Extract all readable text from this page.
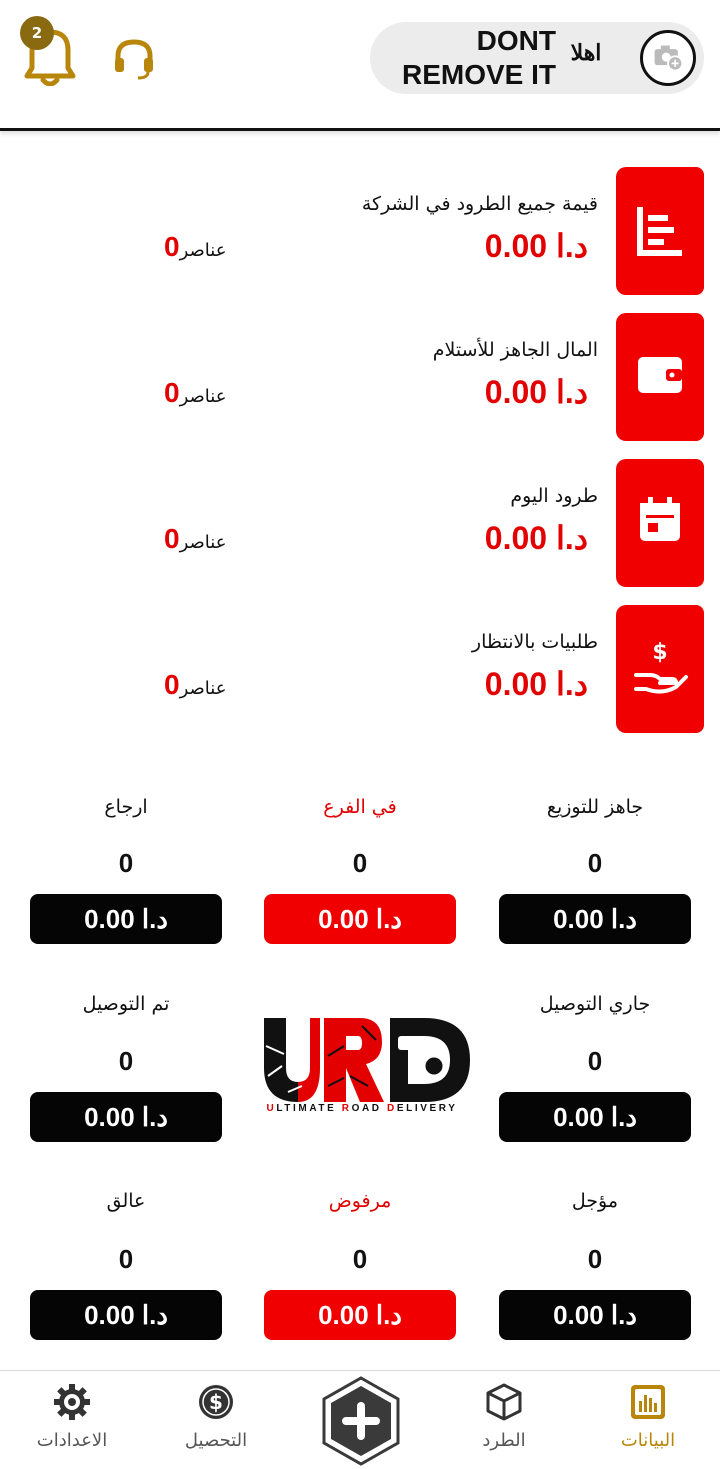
2	DONT REMOVE IT
اهلا
قيمة جميع الطرود في الشركة
0.00 د.ا
0عناصر
المال الجاهز للأستلام
0.00 د.ا
0عناصر
طرود اليوم
0.00 د.ا
0عناصر
$
طلبيات بالانتظار
0.00 د.ا
0عناصر
جاهز للتوزيع
0
0.00 د.ا
في الفرع
0
0.00 د.ا
ارجاع
0
0.00 د.ا
جاري التوصيل
0
0.00 د.ا
تم التوصيل
0
0.00 د.ا
مؤجل
0
0.00 د.ا
مرفوض
0
0.00 د.ا
عالق
0
0.00 د.ا
ULTIMATE ROAD DELIVERY
البيانات
الطرد
$
التحصيل
الاعدادات
